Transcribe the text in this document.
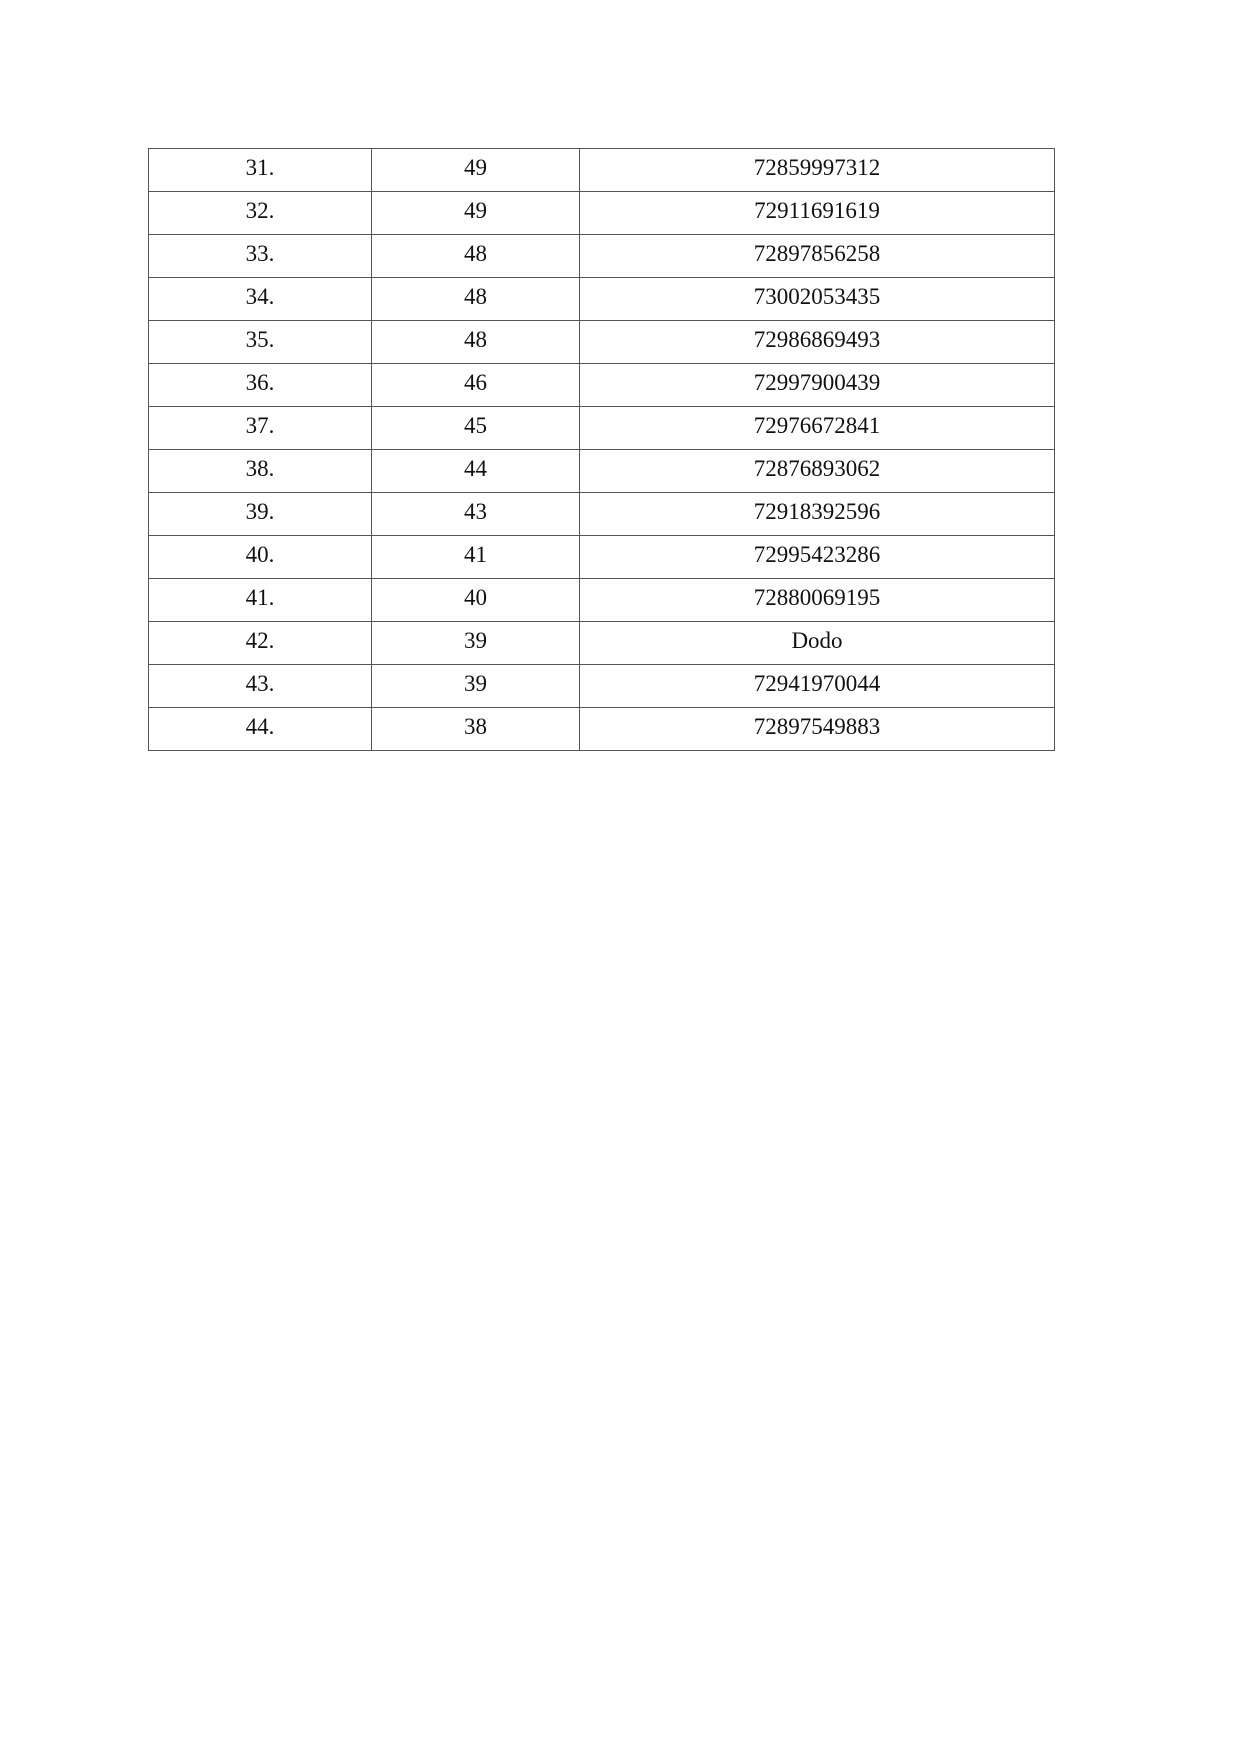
31.	49	72859997312
32.	49	72911691619
33.	48	72897856258
34.	48	73002053435
35.	48	72986869493
36.	46	72997900439
37.	45	72976672841
38.	44	72876893062
39.	43	72918392596
40.	41	72995423286
41.	40	72880069195
42.	39	Dodo
43.	39	72941970044
44.	38	72897549883
